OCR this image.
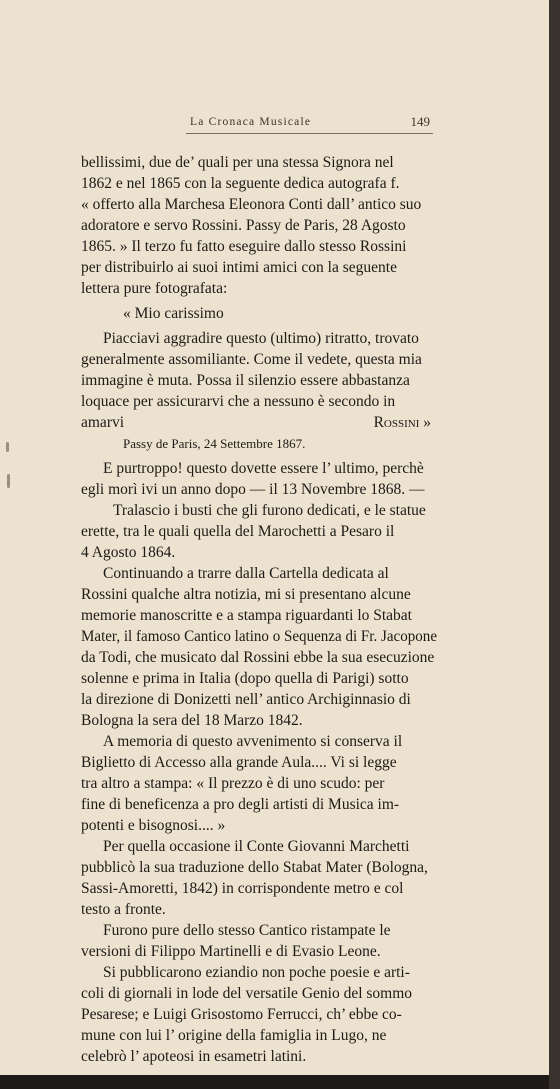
La Cronaca Musicale	149
bellissimi, due de’ quali per una stessa Signora nel
1862 e nel 1865 con la seguente dedica autografa f.
« offerto alla Marchesa Eleonora Conti dall’ antico suo
adoratore e servo Rossini. Passy de Paris, 28 Agosto
1865. » Il terzo fu fatto eseguire dallo stesso Rossini
per distribuirlo ai suoi intimi amici con la seguente
lettera pure fotografata:
« Mio carissimo
Piacciavi aggradire questo (ultimo) ritratto, trovato
generalmente assomiliante. Come il vedete, questa mia
immagine è muta. Possa il silenzio essere abbastanza
loquace per assicurarvi che a nessuno è secondo in
amarvi	Rossini »
Passy de Paris, 24 Settembre 1867.
E purtroppo! questo dovette essere l’ ultimo, perchè
egli morì ivi un anno dopo — il 13 Novembre 1868. —
Tralascio i busti che gli furono dedicati, e le statue
erette, tra le quali quella del Marochetti a Pesaro il
4 Agosto 1864.
Continuando a trarre dalla Cartella dedicata al
Rossini qualche altra notizia, mi si presentano alcune
memorie manoscritte e a stampa riguardanti lo Stabat
Mater, il famoso Cantico latino o Sequenza di Fr. Jacopone
da Todi, che musicato dal Rossini ebbe la sua esecuzione
solenne e prima in Italia (dopo quella di Parigi) sotto
la direzione di Donizetti nell’ antico Archiginnasio di
Bologna la sera del 18 Marzo 1842.
A memoria di questo avvenimento si conserva il
Biglietto di Accesso alla grande Aula.... Vi si legge
tra altro a stampa: « Il prezzo è di uno scudo: per
fine di beneficenza a pro degli artisti di Musica im-
potenti e bisognosi.... »
Per quella occasione il Conte Giovanni Marchetti
pubblicò la sua traduzione dello Stabat Mater (Bologna,
Sassi-Amoretti, 1842) in corrispondente metro e col
testo a fronte.
Furono pure dello stesso Cantico ristampate le
versioni di Filippo Martinelli e di Evasio Leone.
Si pubblicarono eziandio non poche poesie e arti-
coli di giornali in lode del versatile Genio del sommo
Pesarese; e Luigi Grisostomo Ferrucci, ch’ ebbe co-
mune con lui l’ origine della famiglia in Lugo, ne
celebrò l’ apoteosi in esametri latini.
